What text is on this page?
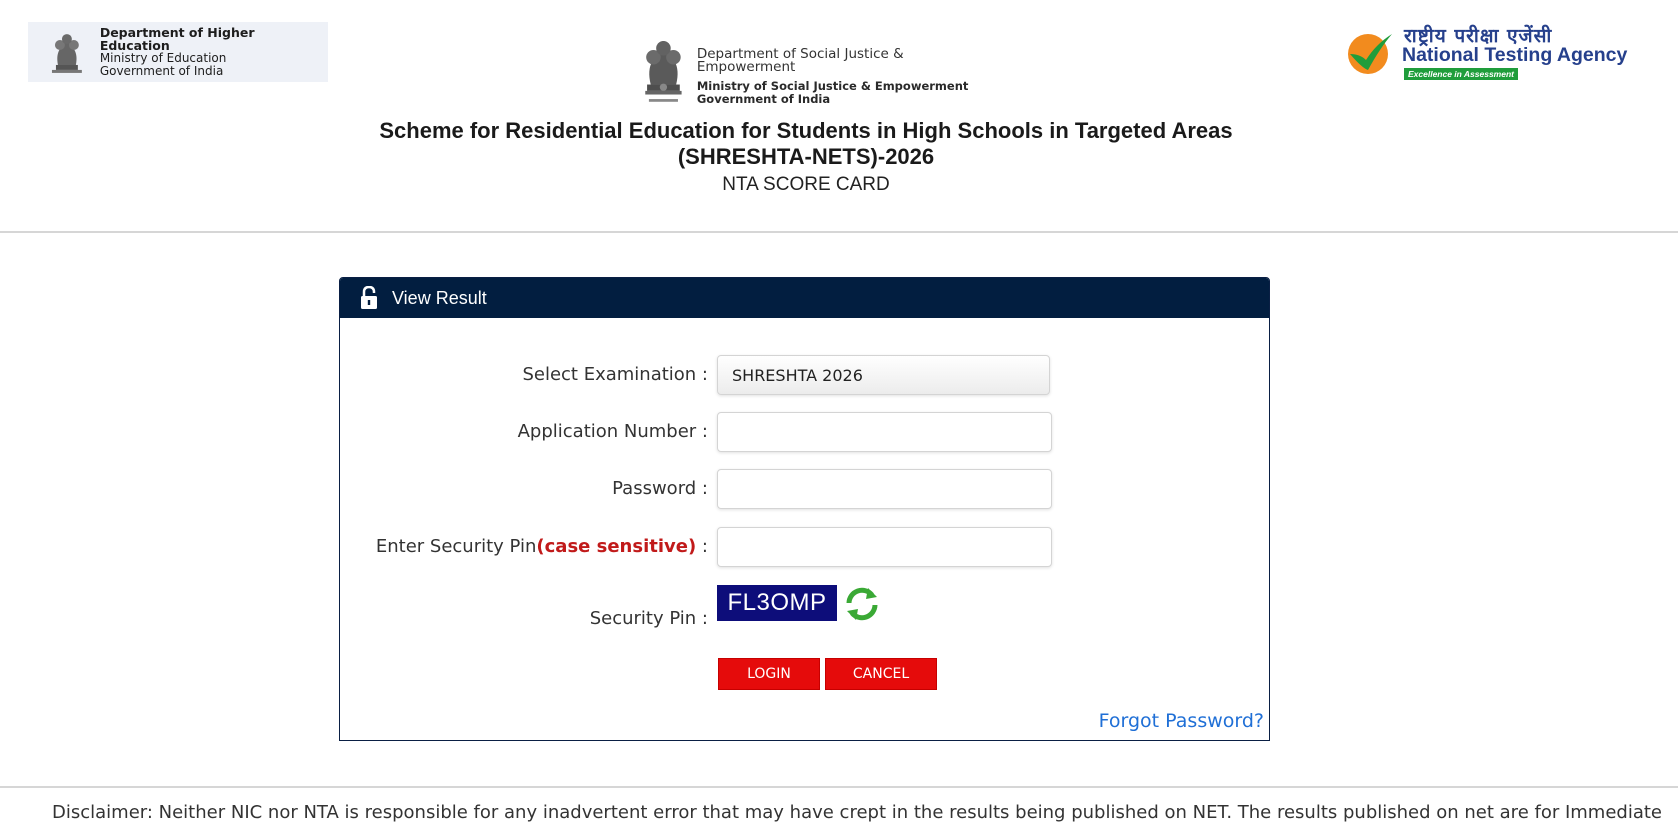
Department of Higher Education
Ministry of Education
Government of India
Department of Social Justice & Empowerment
Ministry of Social Justice & Empowerment
Government of India
राष्ट्रीय परीक्षा एजेंसी
National Testing Agency
Excellence in Assessment
Scheme for Residential Education for Students in High Schools in Targeted Areas (SHRESHTA-NETS)-2026
NTA SCORE CARD
View Result
Select Examination : SHRESHTA 2026
Application Number :
Password :
Enter Security Pin(case sensitive) :
Security Pin :
FL3OMP
LOGIN	CANCEL
Forgot Password?
Disclaimer: Neither NIC nor NTA is responsible for any inadvertent error that may have crept in the results being published on NET. The results published on net are for Immediate
